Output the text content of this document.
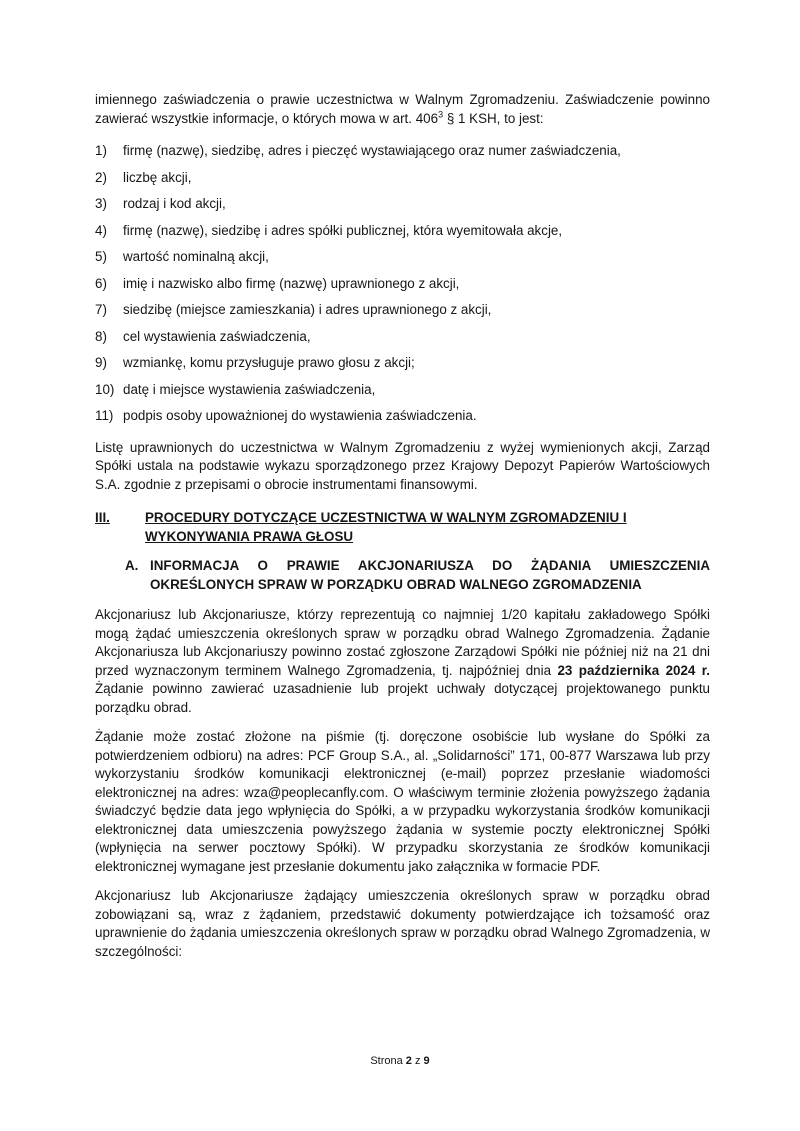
imiennego zaświadczenia o prawie uczestnictwa w Walnym Zgromadzeniu. Zaświadczenie powinno zawierać wszystkie informacje, o których mowa w art. $406^3$ § 1 KSH, to jest:

1)	firmę (nazwę), siedzibę, adres i pieczęć wystawiającego oraz numer zaświadczenia,
2)	liczbę akcji,
3)	rodzaj i kod akcji,
4)	firmę (nazwę), siedzibę i adres spółki publicznej, która wyemitowała akcje,
5)	wartość nominalną akcji,
6)	imię i nazwisko albo firmę (nazwę) uprawnionego z akcji,
7)	siedzibę (miejsce zamieszkania) i adres uprawnionego z akcji,
8)	cel wystawienia zaświadczenia,
9)	wzmiankę, komu przysługuje prawo głosu z akcji;
10) datę i miejsce wystawienia zaświadczenia,
11) podpis osoby upoważnionej do wystawienia zaświadczenia.

Listę uprawnionych do uczestnictwa w Walnym Zgromadzeniu z wyżej wymienionych akcji, Zarząd Spółki ustala na podstawie wykazu sporządzonego przez Krajowy Depozyt Papierów Wartościowych S.A. zgodnie z przepisami o obrocie instrumentami finansowymi.

III.	PROCEDURY DOTYCZĄCE UCZESTNICTWA W WALNYM ZGROMADZENIU I WYKONYWANIA PRAWA GŁOSU
A. INFORMACJA O PRAWIE AKCJONARIUSZA DO ŻĄDANIA UMIESZCZENIA OKREŚLONYCH SPRAW W PORZĄDKU OBRAD WALNEGO ZGROMADZENIA

Akcjonariusz lub Akcjonariusze, którzy reprezentują co najmniej 1/20 kapitału zakładowego Spółki mogą żądać umieszczenia określonych spraw w porządku obrad Walnego Zgromadzenia. Żądanie Akcjonariusza lub Akcjonariuszy powinno zostać zgłoszone Zarządowi Spółki nie później niż na 21 dni przed wyznaczonym terminem Walnego Zgromadzenia, tj. najpóźniej dnia 23 października 2024 r. Żądanie powinno zawierać uzasadnienie lub projekt uchwały dotyczącej projektowanego punktu porządku obrad.

Żądanie może zostać złożone na piśmie (tj. doręczone osobiście lub wysłane do Spółki za potwierdzeniem odbioru) na adres: PCF Group S.A., al. „Solidarności” 171, 00-877 Warszawa lub przy wykorzystaniu środków komunikacji elektronicznej (e-mail) poprzez przesłanie wiadomości elektronicznej na adres: wza@peoplecanfly.com. O właściwym terminie złożenia powyższego żądania świadczyć będzie data jego wpłynięcia do Spółki, a w przypadku wykorzystania środków komunikacji elektronicznej data umieszczenia powyższego żądania w systemie poczty elektronicznej Spółki (wpłynięcia na serwer pocztowy Spółki). W przypadku skorzystania ze środków komunikacji elektronicznej wymagane jest przesłanie dokumentu jako załącznika w formacie PDF.

Akcjonariusz lub Akcjonariusze żądający umieszczenia określonych spraw w porządku obrad zobowiązani są, wraz z żądaniem, przedstawić dokumenty potwierdzające ich tożsamość oraz uprawnienie do żądania umieszczenia określonych spraw w porządku obrad Walnego Zgromadzenia, w szczególności:

Strona 2 z 9
